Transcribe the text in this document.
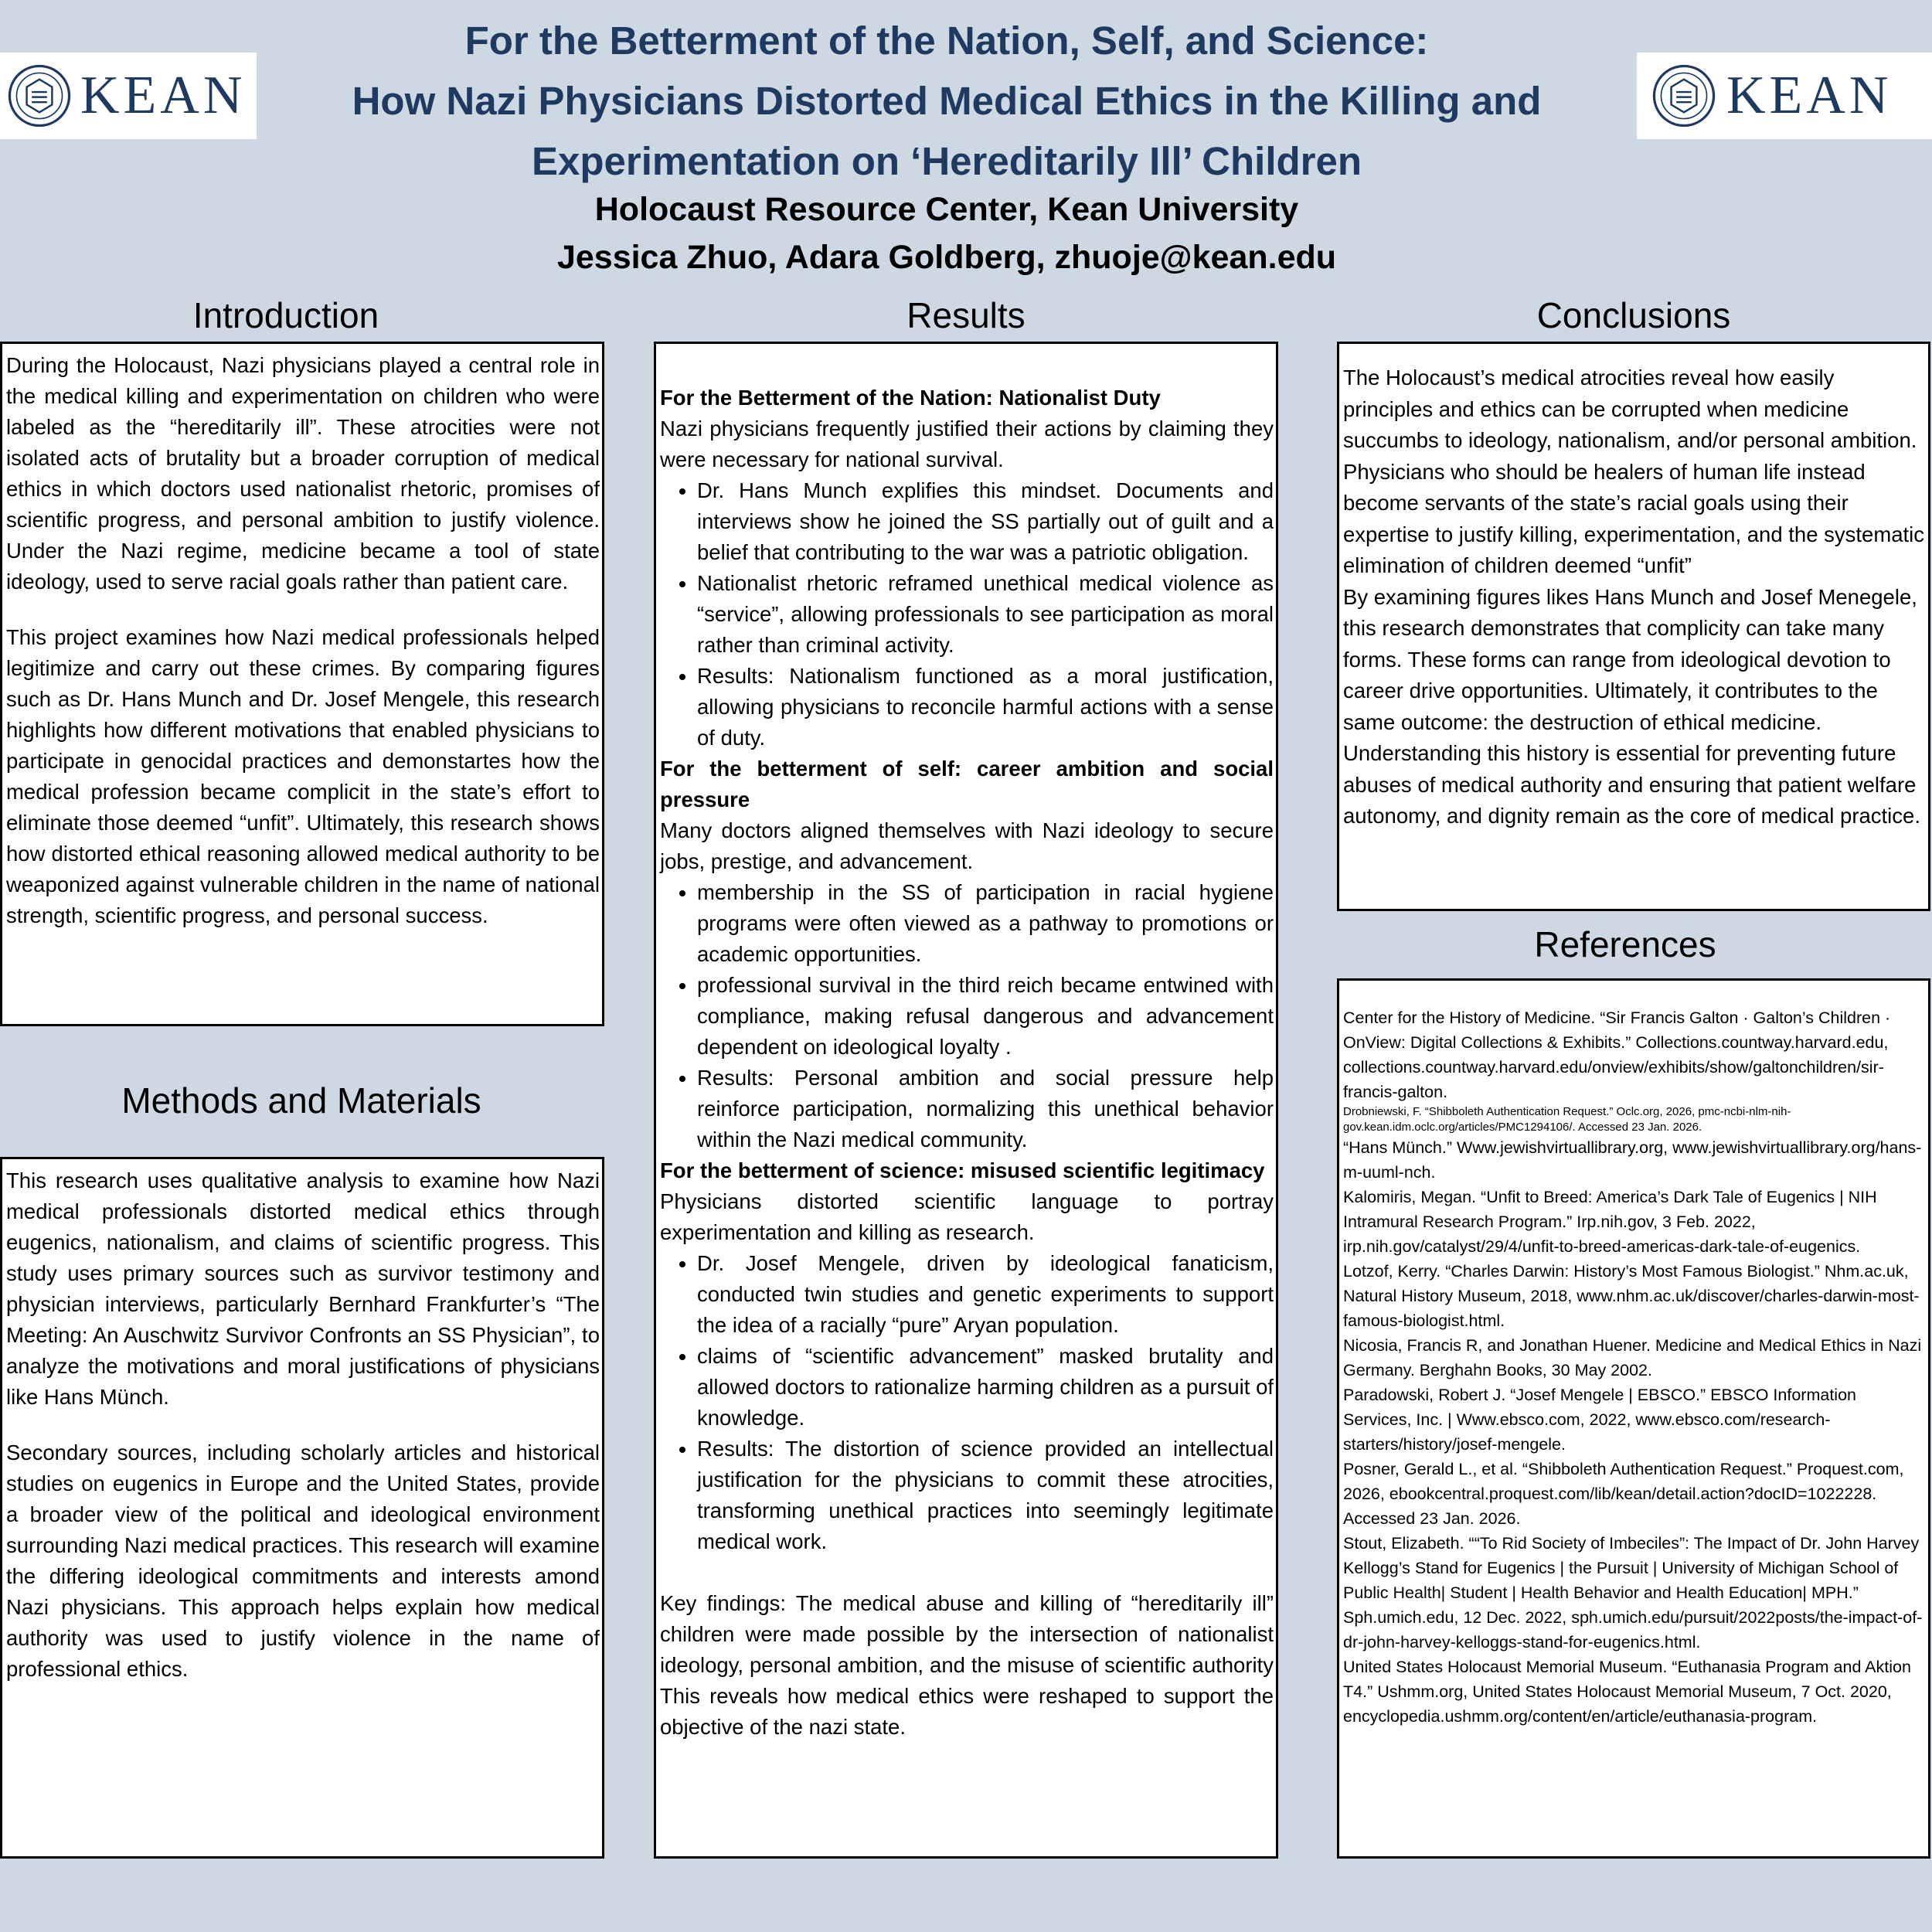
KEAN	KEAN
For the Betterment of the Nation, Self, and Science:
How Nazi Physicians Distorted Medical Ethics in the Killing and
Experimentation on ‘Hereditarily Ill’ Children
Holocaust Resource Center, Kean University
Jessica Zhuo, Adara Goldberg, zhuoje@kean.edu
Introduction

During the Holocaust, Nazi physicians played a central role in the medical killing and experimentation on children who were labeled as the “hereditarily ill”. These atrocities were not isolated acts of brutality but a broader corruption of medical ethics in which doctors used nationalist rhetoric, promises of scientific progress, and personal ambition to justify violence. Under the Nazi regime, medicine became a tool of state ideology, used to serve racial goals rather than patient care.

This project examines how Nazi medical professionals helped legitimize and carry out these crimes. By comparing figures such as Dr. Hans Munch and Dr. Josef Mengele, this research highlights how different motivations that enabled physicians to participate in genocidal practices and demonstartes how the medical profession became complicit in the state’s effort to eliminate those deemed “unfit”. Ultimately, this research shows how distorted ethical reasoning allowed medical authority to be weaponized against vulnerable children in the name of national strength, scientific progress, and personal success.

Methods and Materials

This research uses qualitative analysis to examine how Nazi medical professionals distorted medical ethics through eugenics, nationalism, and claims of scientific progress. This study uses primary sources such as survivor testimony and physician interviews, particularly Bernhard Frankfurter’s “The Meeting: An Auschwitz Survivor Confronts an SS Physician”, to analyze the motivations and moral justifications of physicians like Hans Münch.

Secondary sources, including scholarly articles and historical studies on eugenics in Europe and the United States, provide a broader view of the political and ideological environment surrounding Nazi medical practices. This research will examine the differing ideological commitments and interests amond Nazi physicians. This approach helps explain how medical authority was used to justify violence in the name of professional ethics.

Results

For the Betterment of the Nation: Nationalist Duty

Nazi physicians frequently justified their actions by claiming they were necessary for national survival.

• Dr. Hans Munch explifies this mindset. Documents and interviews show he joined the SS partially out of guilt and a belief that contributing to the war was a patriotic obligation.
• Nationalist rhetoric reframed unethical medical violence as “service”, allowing professionals to see participation as moral rather than criminal activity.
• Results: Nationalism functioned as a moral justification, allowing physicians to reconcile harmful actions with a sense of duty.

For the betterment of self: career ambition and social pressure

Many doctors aligned themselves with Nazi ideology to secure jobs, prestige, and advancement.

• membership in the SS of participation in racial hygiene programs were often viewed as a pathway to promotions or academic opportunities.
• professional survival in the third reich became entwined with compliance, making refusal dangerous and advancement dependent on ideological loyalty .
• Results: Personal ambition and social pressure help reinforce participation, normalizing this unethical behavior within the Nazi medical community.

For the betterment of science: misused scientific legitimacy

Physicians distorted scientific language to portray experimentation and killing as research.

• Dr. Josef Mengele, driven by ideological fanaticism, conducted twin studies and genetic experiments to support the idea of a racially “pure” Aryan population.
• claims of “scientific advancement” masked brutality and allowed doctors to rationalize harming children as a pursuit of knowledge.
• Results: The distortion of science provided an intellectual justification for the physicians to commit these atrocities, transforming unethical practices into seemingly legitimate medical work.

Key findings: The medical abuse and killing of “hereditarily ill” children were made possible by the intersection of nationalist ideology, personal ambition, and the misuse of scientific authority This reveals how medical ethics were reshaped to support the objective of the nazi state.

Conclusions

The Holocaust’s medical atrocities reveal how easily principles and ethics can be corrupted when medicine succumbs to ideology, nationalism, and/or personal ambition. Physicians who should be healers of human life instead become servants of the state’s racial goals using their expertise to justify killing, experimentation, and the systematic elimination of children deemed “unfit”

By examining figures likes Hans Munch and Josef Menegele, this research demonstrates that complicity can take many forms. These forms can range from ideological devotion to career drive opportunities. Ultimately, it contributes to the same outcome: the destruction of ethical medicine.

Understanding this history is essential for preventing future abuses of medical authority and ensuring that patient welfare autonomy, and dignity remain as the core of medical practice.

References

Center for the History of Medicine. “Sir Francis Galton · Galton’s Children · OnView: Digital Collections & Exhibits.” Collections.countway.harvard.edu, collections.countway.harvard.edu/onview/exhibits/show/galtonchildren/sir-francis-galton.

Drobniewski, F. “Shibboleth Authentication Request.” Oclc.org, 2026, pmc-ncbi-nlm-nih-gov.kean.idm.oclc.org/articles/PMC1294106/. Accessed 23 Jan. 2026.

“Hans Münch.” Www.jewishvirtuallibrary.org, www.jewishvirtuallibrary.org/hans-m-uuml-nch.

Kalomiris, Megan. “Unfit to Breed: America’s Dark Tale of Eugenics | NIH Intramural Research Program.” Irp.nih.gov, 3 Feb. 2022, irp.nih.gov/catalyst/29/4/unfit-to-breed-americas-dark-tale-of-eugenics.

Lotzof, Kerry. “Charles Darwin: History’s Most Famous Biologist.” Nhm.ac.uk, Natural History Museum, 2018, www.nhm.ac.uk/discover/charles-darwin-most-famous-biologist.html.

Nicosia, Francis R, and Jonathan Huener. Medicine and Medical Ethics in Nazi Germany. Berghahn Books, 30 May 2002.

Paradowski, Robert J. “Josef Mengele | EBSCO.” EBSCO Information Services, Inc. | Www.ebsco.com, 2022, www.ebsco.com/research-starters/history/josef-mengele.

Posner, Gerald L., et al. “Shibboleth Authentication Request.” Proquest.com, 2026, ebookcentral.proquest.com/lib/kean/detail.action?docID=1022228. Accessed 23 Jan. 2026.

Stout, Elizabeth. ““To Rid Society of Imbeciles”: The Impact of Dr. John Harvey Kellogg’s Stand for Eugenics | the Pursuit | University of Michigan School of Public Health| Student | Health Behavior and Health Education| MPH.” Sph.umich.edu, 12 Dec. 2022, sph.umich.edu/pursuit/2022posts/the-impact-of-dr-john-harvey-kelloggs-stand-for-eugenics.html.

United States Holocaust Memorial Museum. “Euthanasia Program and Aktion T4.” Ushmm.org, United States Holocaust Memorial Museum, 7 Oct. 2020, encyclopedia.ushmm.org/content/en/article/euthanasia-program.
